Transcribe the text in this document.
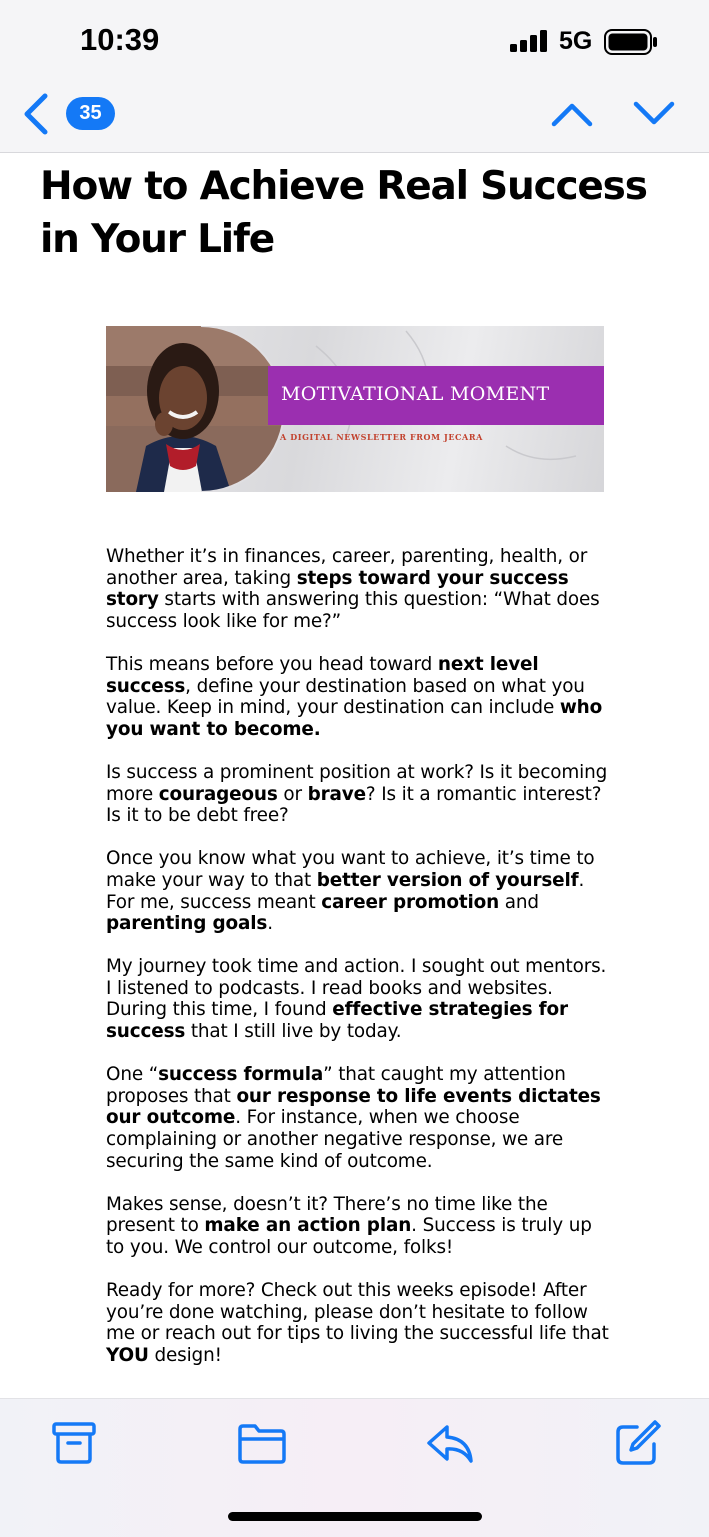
10:39	5G
35
How to Achieve Real Success in Your Life
MOTIVATIONAL MOMENT
A DIGITAL NEWSLETTER FROM JECARA

Whether it’s in finances, career, parenting, health, or another area, taking steps toward your success story starts with answering this question: “What does success look like for me?”

This means before you head toward next level success, define your destination based on what you value. Keep in mind, your destination can include who you want to become.

Is success a prominent position at work? Is it becoming more courageous or brave? Is it a romantic interest? Is it to be debt free?

Once you know what you want to achieve, it’s time to make your way to that better version of yourself. For me, success meant career promotion and parenting goals.

My journey took time and action. I sought out mentors. I listened to podcasts. I read books and websites. During this time, I found effective strategies for success that I still live by today.

One “success formula” that caught my attention proposes that our response to life events dictates our outcome. For instance, when we choose complaining or another negative response, we are securing the same kind of outcome.

Makes sense, doesn’t it? There’s no time like the present to make an action plan. Success is truly up to you. We control our outcome, folks!

Ready for more? Check out this weeks episode! After you’re done watching, please don’t hesitate to follow me or reach out for tips to living the successful life that YOU design!
